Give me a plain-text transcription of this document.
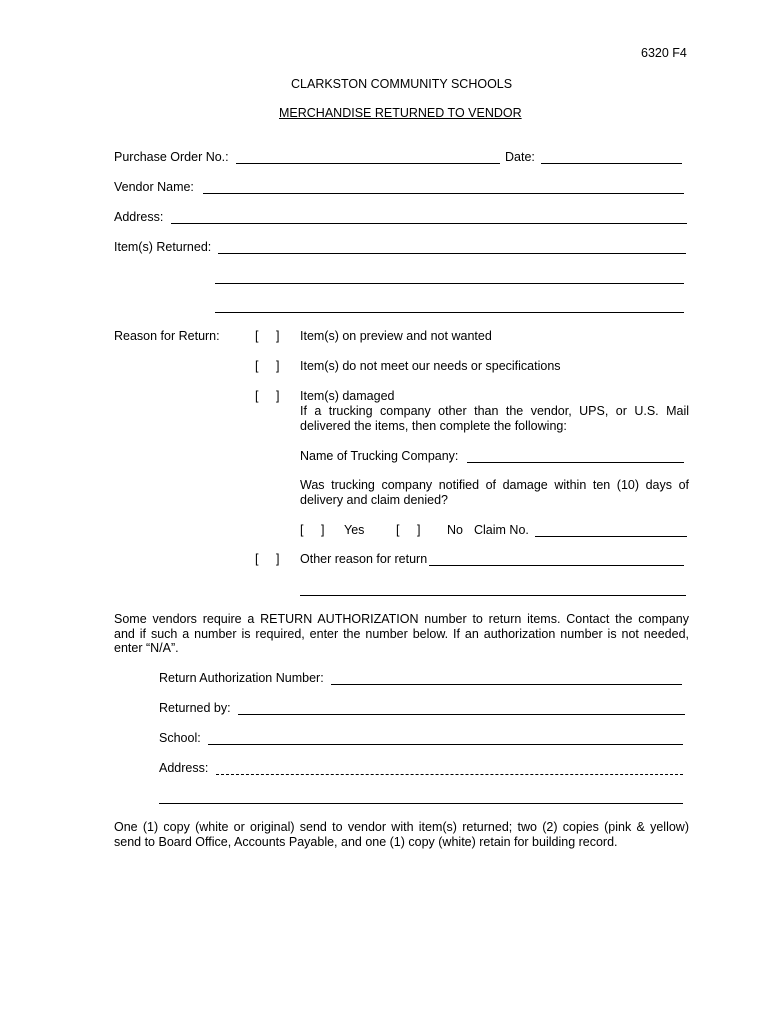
6320 F4
CLARKSTON COMMUNITY SCHOOLS
MERCHANDISE RETURNED TO VENDOR
Purchase Order No.:	Date:
Vendor Name:
Address:
Item(s) Returned:
Reason for Return:	[ ] Item(s) on preview and not wanted
[ ] Item(s) do not meet our needs or specifications
[ ] Item(s) damaged
If a trucking company other than the vendor, UPS, or U.S. Mail
delivered the items, then complete the following:
Name of Trucking Company:
Was trucking company notified of damage within ten (10) days of
delivery and claim denied?
[ ] Yes	[ ] No Claim No.
[ ] Other reason for return
Some vendors require a RETURN AUTHORIZATION number to return items. Contact the company
and if such a number is required, enter the number below. If an authorization number is not needed,
enter “N/A”.
Return Authorization Number:
Returned by:
School:
Address:
One (1) copy (white or original) send to vendor with item(s) returned; two (2) copies (pink & yellow)
send to Board Office, Accounts Payable, and one (1) copy (white) retain for building record.
